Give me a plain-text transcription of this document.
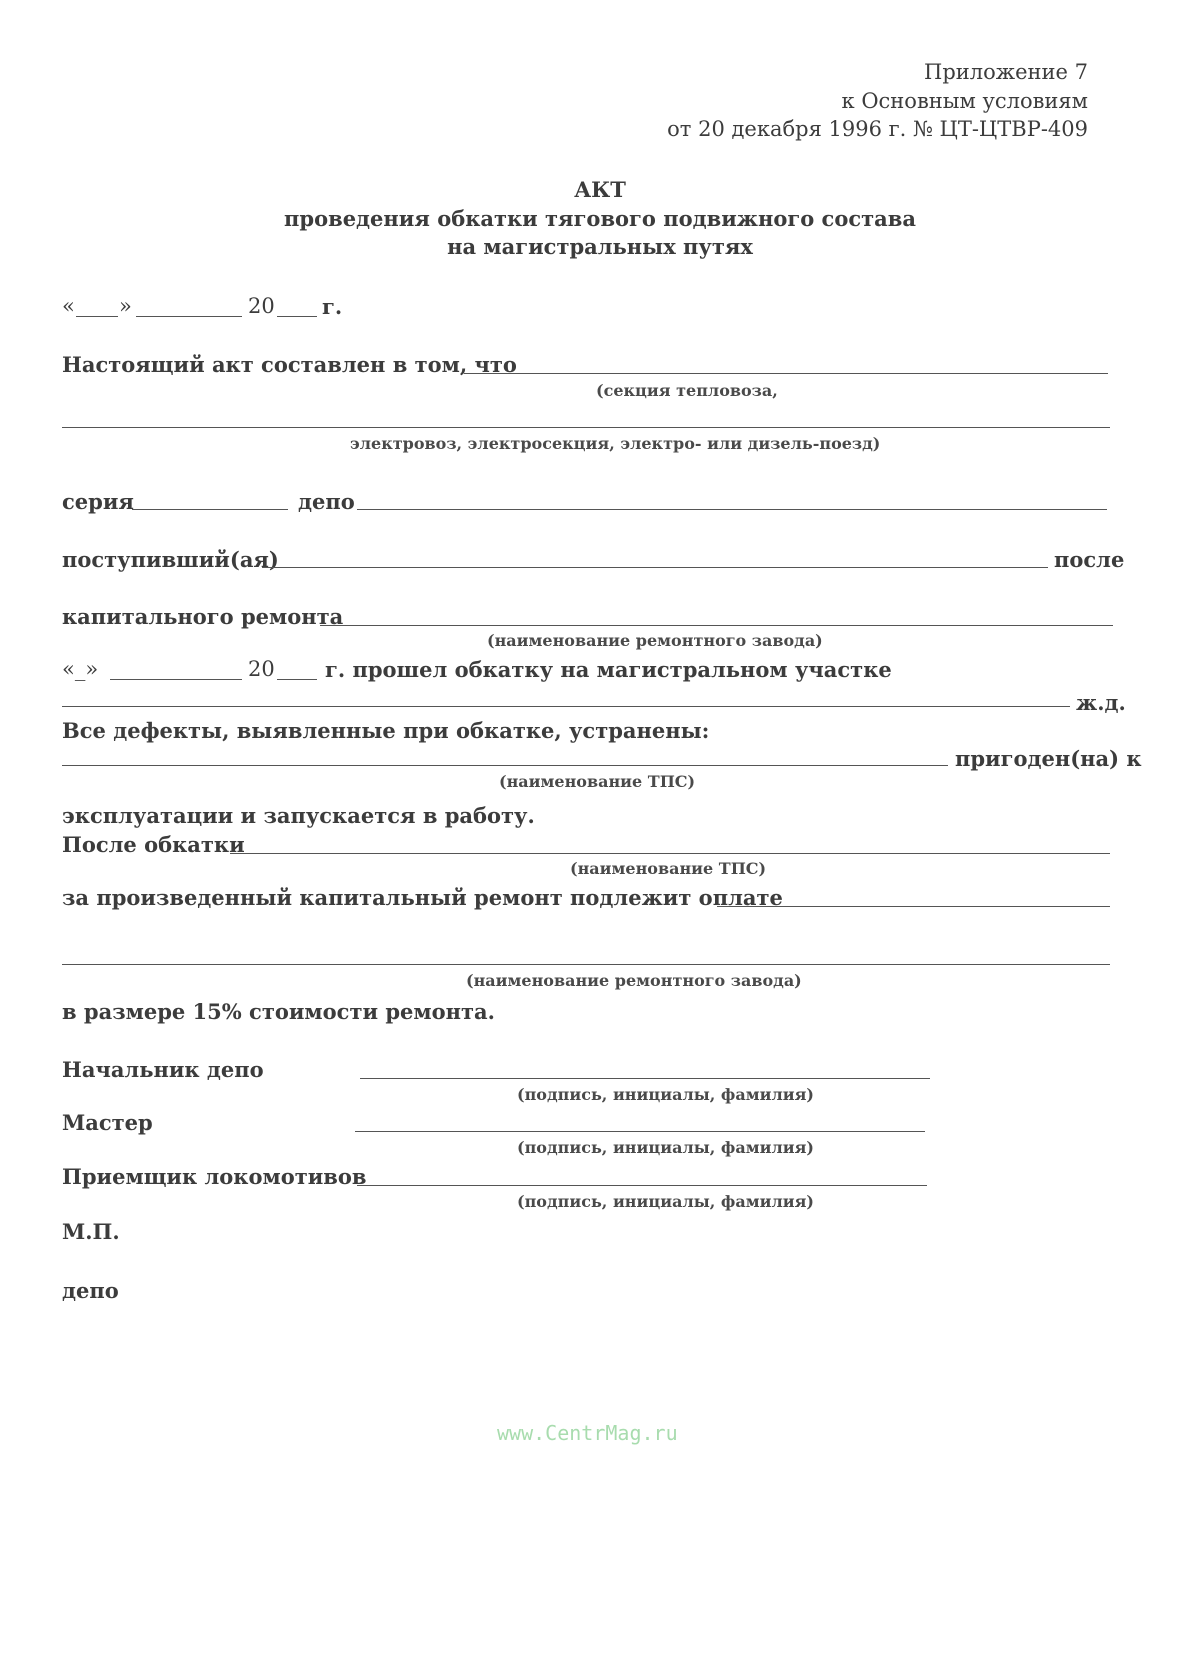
Приложение 7
к Основным условиям
от 20 декабря 1996 г. № ЦТ-ЦТВР-409
АКТ
проведения обкатки тягового подвижного состава
на магистральных путях
« »	20 г.
Настоящий акт составлен в том, что
(секция тепловоза,
электровоз, электросекция, электро- или дизель-поезд)
серия	депо
поступивший(ая)	после
капитального ремонта
(наименование ремонтного завода)
«_»	20 г. прошел обкатку на магистральном участке
ж.д.
Все дефекты, выявленные при обкатке, устранены:
пригоден(на) к
(наименование ТПС)
эксплуатации и запускается в работу.
После обкатки
(наименование ТПС)
за произведенный капитальный ремонт подлежит оплате
(наименование ремонтного завода)
в размере 15% стоимости ремонта.
Начальник депо
(подпись, инициалы, фамилия)
Мастер
(подпись, инициалы, фамилия)
Приемщик локомотивов
(подпись, инициалы, фамилия)
М.П.
депо
www.CentrMag.ru
